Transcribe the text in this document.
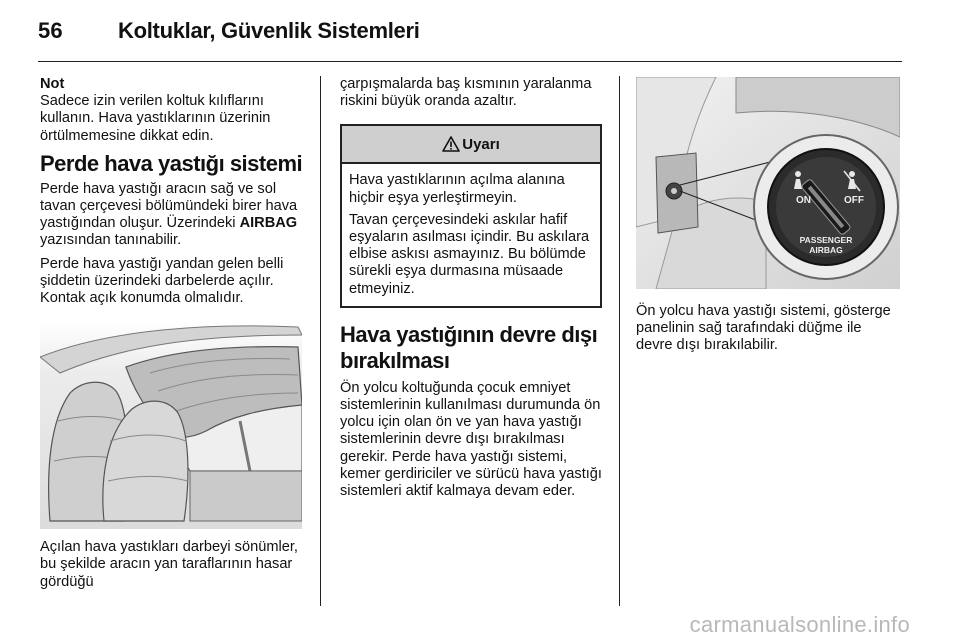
56	Koltuklar, Güvenlik Sistemleri
Not
Sadece izin verilen koltuk kılıflarını kullanın. Hava yastıklarının üzerinin örtülmemesine dikkat edin.
Perde hava yastığı sistemi

Perde hava yastığı aracın sağ ve sol tavan çerçevesi bölümündeki birer hava yastığından oluşur. Üzerindeki AIRBAG yazısından tanınabilir.

Perde hava yastığı yandan gelen belli şiddetin üzerindeki darbelerde açılır. Kontak açık konumda olmalıdır.

Açılan hava yastıkları darbeyi sönümler, bu şekilde aracın yan taraflarının hasar gördüğü

çarpışmalarda baş kısmının yaralanma riskini büyük oranda azaltır.

Uyarı

Hava yastıklarının açılma alanına hiçbir eşya yerleştirmeyin.

Tavan çerçevesindeki askılar hafif eşyaların asılması içindir. Bu askılara elbise askısı asmayınız. Bu bölümde sürekli eşya durmasına müsaade etmeyiniz.

Hava yastığının devre dışı bırakılması

Ön yolcu koltuğunda çocuk emniyet sistemlerinin kullanılması durumunda ön yolcu için olan ön ve yan hava yastığı sistemlerinin devre dışı bırakılması gerekir. Perde hava yastığı sistemi, kemer gerdiriciler ve sürücü hava yastığı sistemleri aktif kalmaya devam eder.

ON	OFF
PASSENGER
AIRBAG

Ön yolcu hava yastığı sistemi, gösterge panelinin sağ tarafındaki düğme ile devre dışı bırakılabilir.

carmanualsonline.info
